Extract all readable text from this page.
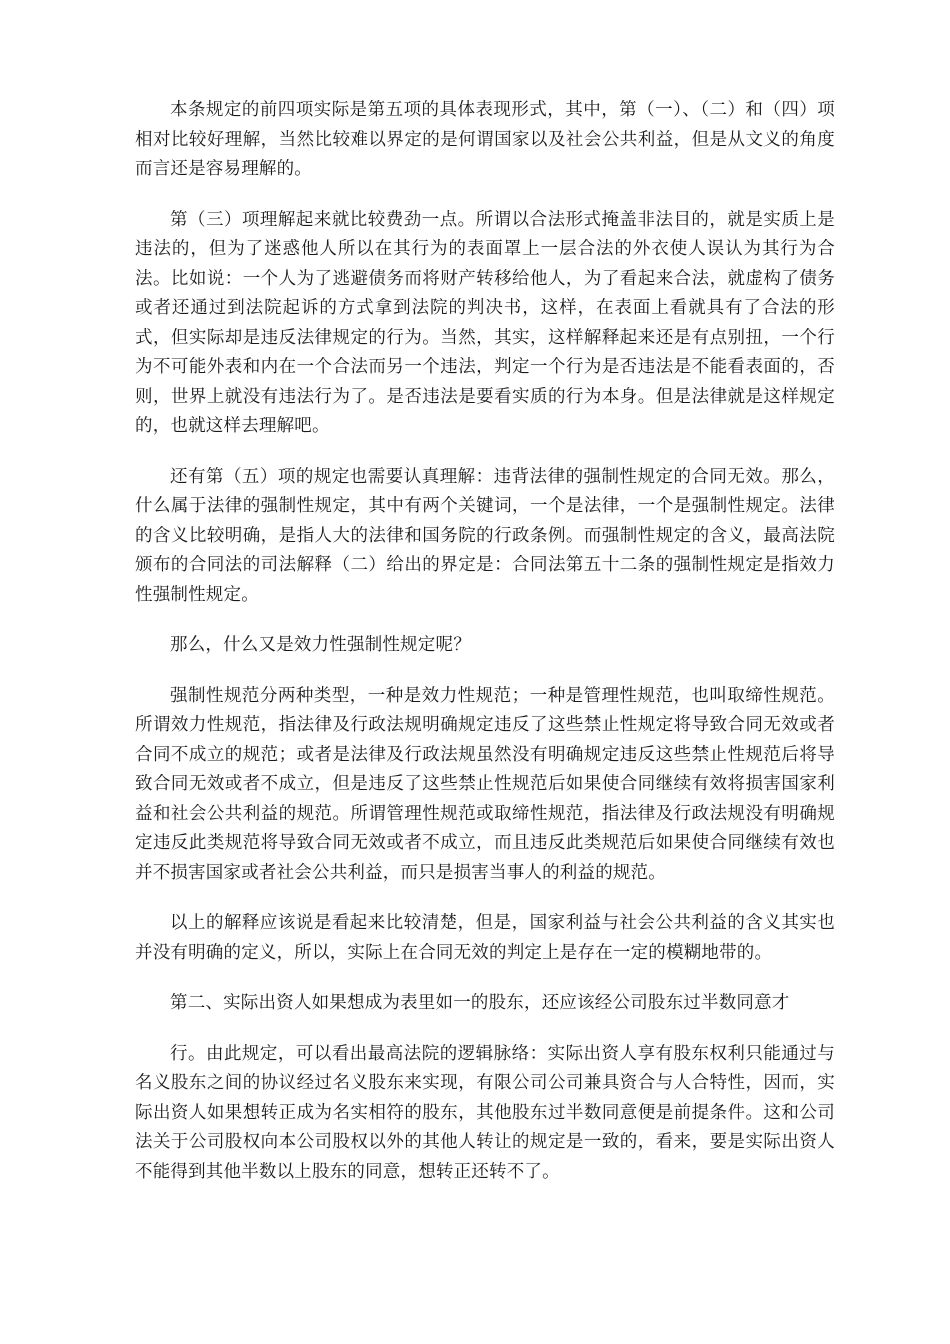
本条规定的前四项实际是第五项的具体表现形式，其中，第（一）、（二）和（四）项相对比较好理解，当然比较难以界定的是何谓国家以及社会公共利益，但是从文义的角度而言还是容易理解的。

第（三）项理解起来就比较费劲一点。所谓以合法形式掩盖非法目的，就是实质上是违法的，但为了迷惑他人所以在其行为的表面罩上一层合法的外衣使人误认为其行为合法。比如说：一个人为了逃避债务而将财产转移给他人，为了看起来合法，就虚构了债务或者还通过到法院起诉的方式拿到法院的判决书，这样，在表面上看就具有了合法的形式，但实际却是违反法律规定的行为。当然，其实，这样解释起来还是有点别扭，一个行为不可能外表和内在一个合法而另一个违法，判定一个行为是否违法是不能看表面的，否则，世界上就没有违法行为了。是否违法是要看实质的行为本身。但是法律就是这样规定的，也就这样去理解吧。

还有第（五）项的规定也需要认真理解：违背法律的强制性规定的合同无效。那么，什么属于法律的强制性规定，其中有两个关键词，一个是法律，一个是强制性规定。法律的含义比较明确，是指人大的法律和国务院的行政条例。而强制性规定的含义，最高法院颁布的合同法的司法解释（二）给出的界定是：合同法第五十二条的强制性规定是指效力性强制性规定。

那么，什么又是效力性强制性规定呢？

强制性规范分两种类型，一种是效力性规范；一种是管理性规范，也叫取缔性规范。所谓效力性规范，指法律及行政法规明确规定违反了这些禁止性规定将导致合同无效或者合同不成立的规范；或者是法律及行政法规虽然没有明确规定违反这些禁止性规范后将导致合同无效或者不成立，但是违反了这些禁止性规范后如果使合同继续有效将损害国家利益和社会公共利益的规范。所谓管理性规范或取缔性规范，指法律及行政法规没有明确规定违反此类规范将导致合同无效或者不成立，而且违反此类规范后如果使合同继续有效也并不损害国家或者社会公共利益，而只是损害当事人的利益的规范。

以上的解释应该说是看起来比较清楚，但是，国家利益与社会公共利益的含义其实也并没有明确的定义，所以，实际上在合同无效的判定上是存在一定的模糊地带的。

第二、实际出资人如果想成为表里如一的股东，还应该经公司股东过半数同意才

行。由此规定，可以看出最高法院的逻辑脉络：实际出资人享有股东权利只能通过与名义股东之间的协议经过名义股东来实现，有限公司公司兼具资合与人合特性，因而，实际出资人如果想转正成为名实相符的股东，其他股东过半数同意便是前提条件。这和公司法关于公司股权向本公司股权以外的其他人转让的规定是一致的，看来，要是实际出资人不能得到其他半数以上股东的同意，想转正还转不了。
